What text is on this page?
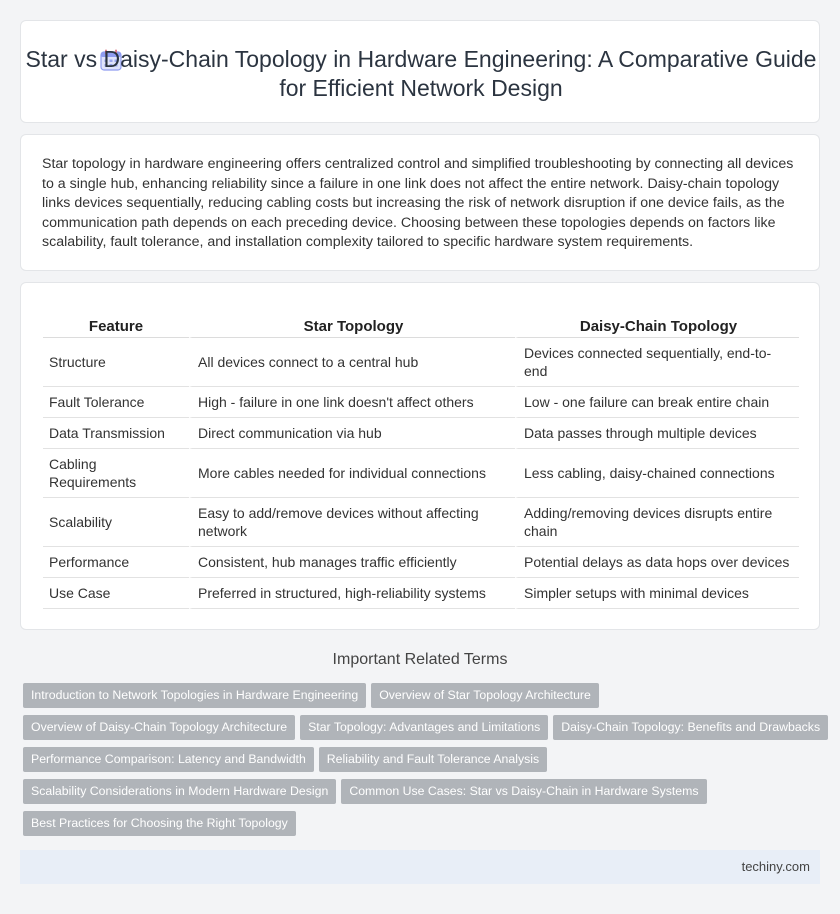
Star vs Daisy-Chain Topology in Hardware Engineering: A Comparative Guide for Efficient Network Design

Star topology in hardware engineering offers centralized control and simplified troubleshooting by connecting all devices to a single hub, enhancing reliability since a failure in one link does not affect the entire network. Daisy-chain topology links devices sequentially, reducing cabling costs but increasing the risk of network disruption if one device fails, as the communication path depends on each preceding device. Choosing between these topologies depends on factors like scalability, fault tolerance, and installation complexity tailored to specific hardware system requirements.

Feature	Star Topology	Daisy-Chain Topology
Structure	All devices connect to a central hub	Devices connected sequentially, end-to-end
Fault Tolerance	High - failure in one link doesn't affect others	Low - one failure can break entire chain
Data Transmission	Direct communication via hub	Data passes through multiple devices
Cabling Requirements	More cables needed for individual connections	Less cabling, daisy-chained connections
Scalability	Easy to add/remove devices without affecting network	Adding/removing devices disrupts entire chain
Performance	Consistent, hub manages traffic efficiently	Potential delays as data hops over devices
Use Case	Preferred in structured, high-reliability systems	Simpler setups with minimal devices
Important Related Terms
Introduction to Network Topologies in Hardware Engineering Overview of Star Topology Architecture
Overview of Daisy-Chain Topology Architecture Star Topology: Advantages and Limitations Daisy-Chain Topology: Benefits and Drawbacks
Performance Comparison: Latency and Bandwidth Reliability and Fault Tolerance Analysis
Scalability Considerations in Modern Hardware Design Common Use Cases: Star vs Daisy-Chain in Hardware Systems
Best Practices for Choosing the Right Topology
techiny.com
